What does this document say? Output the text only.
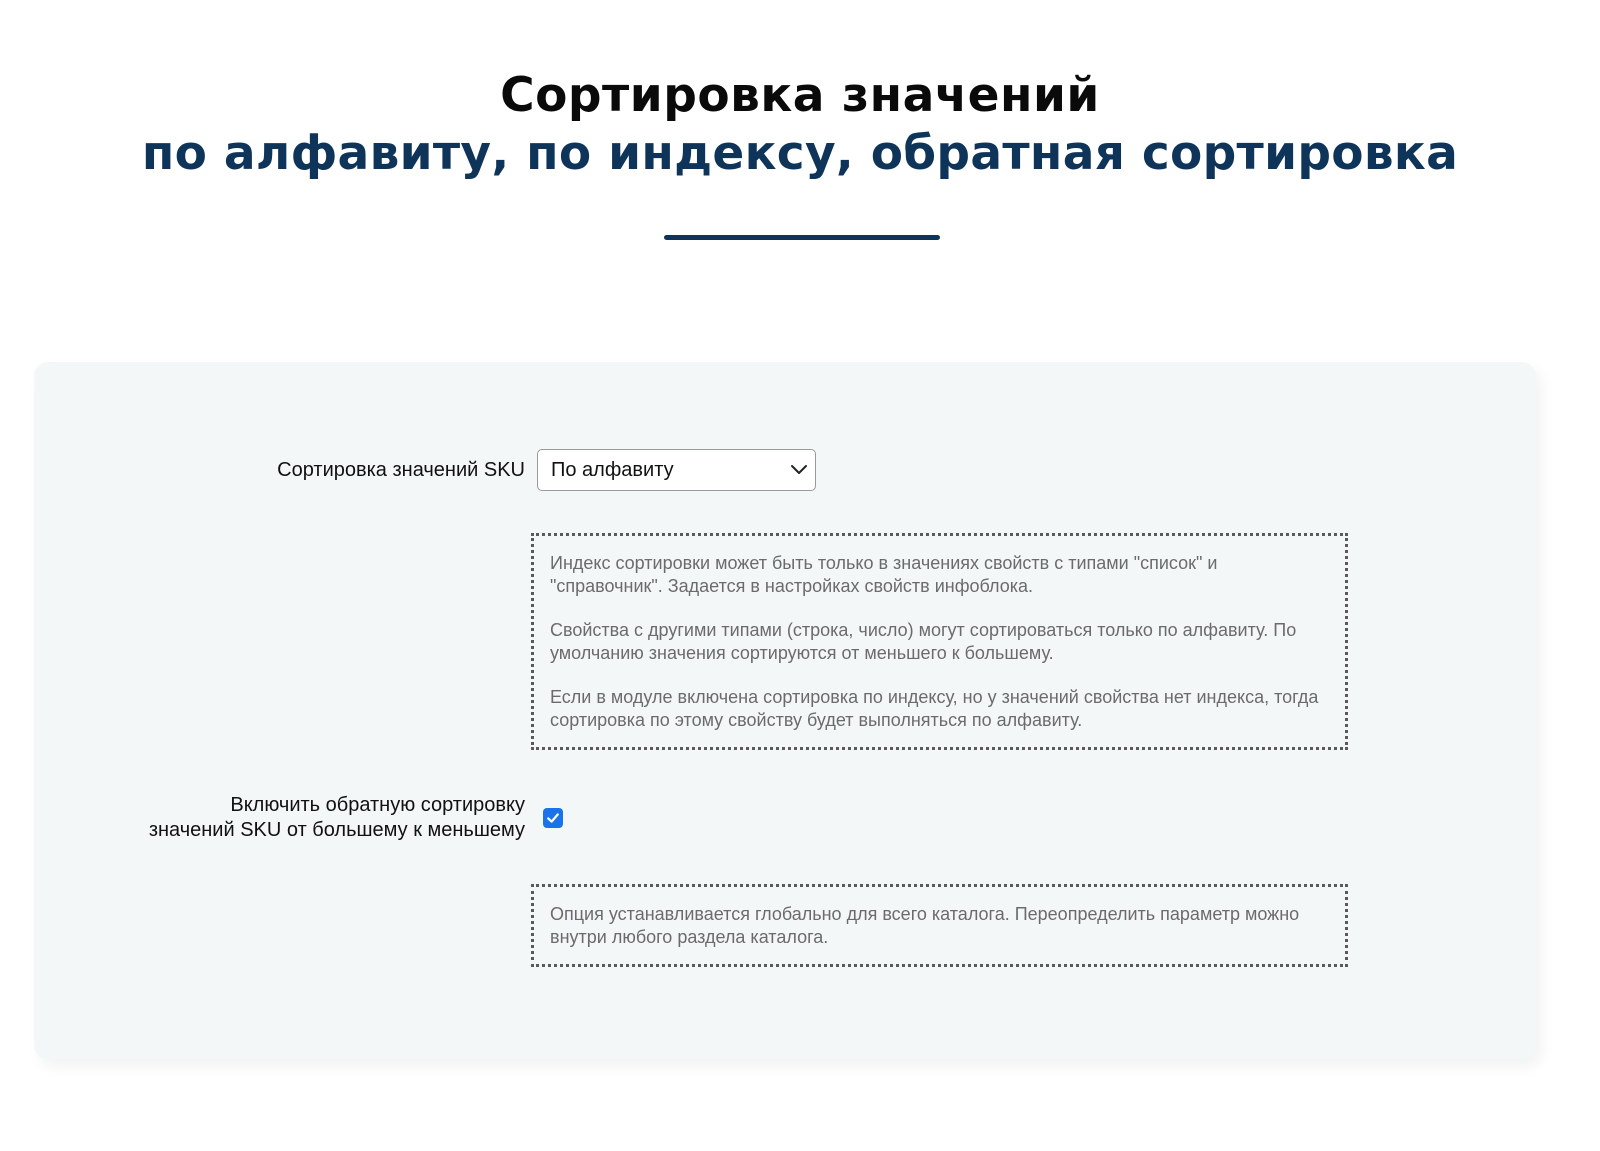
Сортировка значений
по алфавиту, по индексу, обратная сортировка
Сортировка значений SKU По алфавиту

Индекс сортировки может быть только в значениях свойств с типами "список" и "справочник". Задается в настройках свойств инфоблока.

Свойства с другими типами (строка, число) могут сортироваться только по алфавиту. По умолчанию значения сортируются от меньшего к большему.

Если в модуле включена сортировка по индексу, но у значений свойства нет индекса, тогда сортировка по этому свойству будет выполняться по алфавиту.

Включить обратную сортировку
значений SKU от большему к меньшему

Опция устанавливается глобально для всего каталога. Переопределить параметр можно внутри любого раздела каталога.
